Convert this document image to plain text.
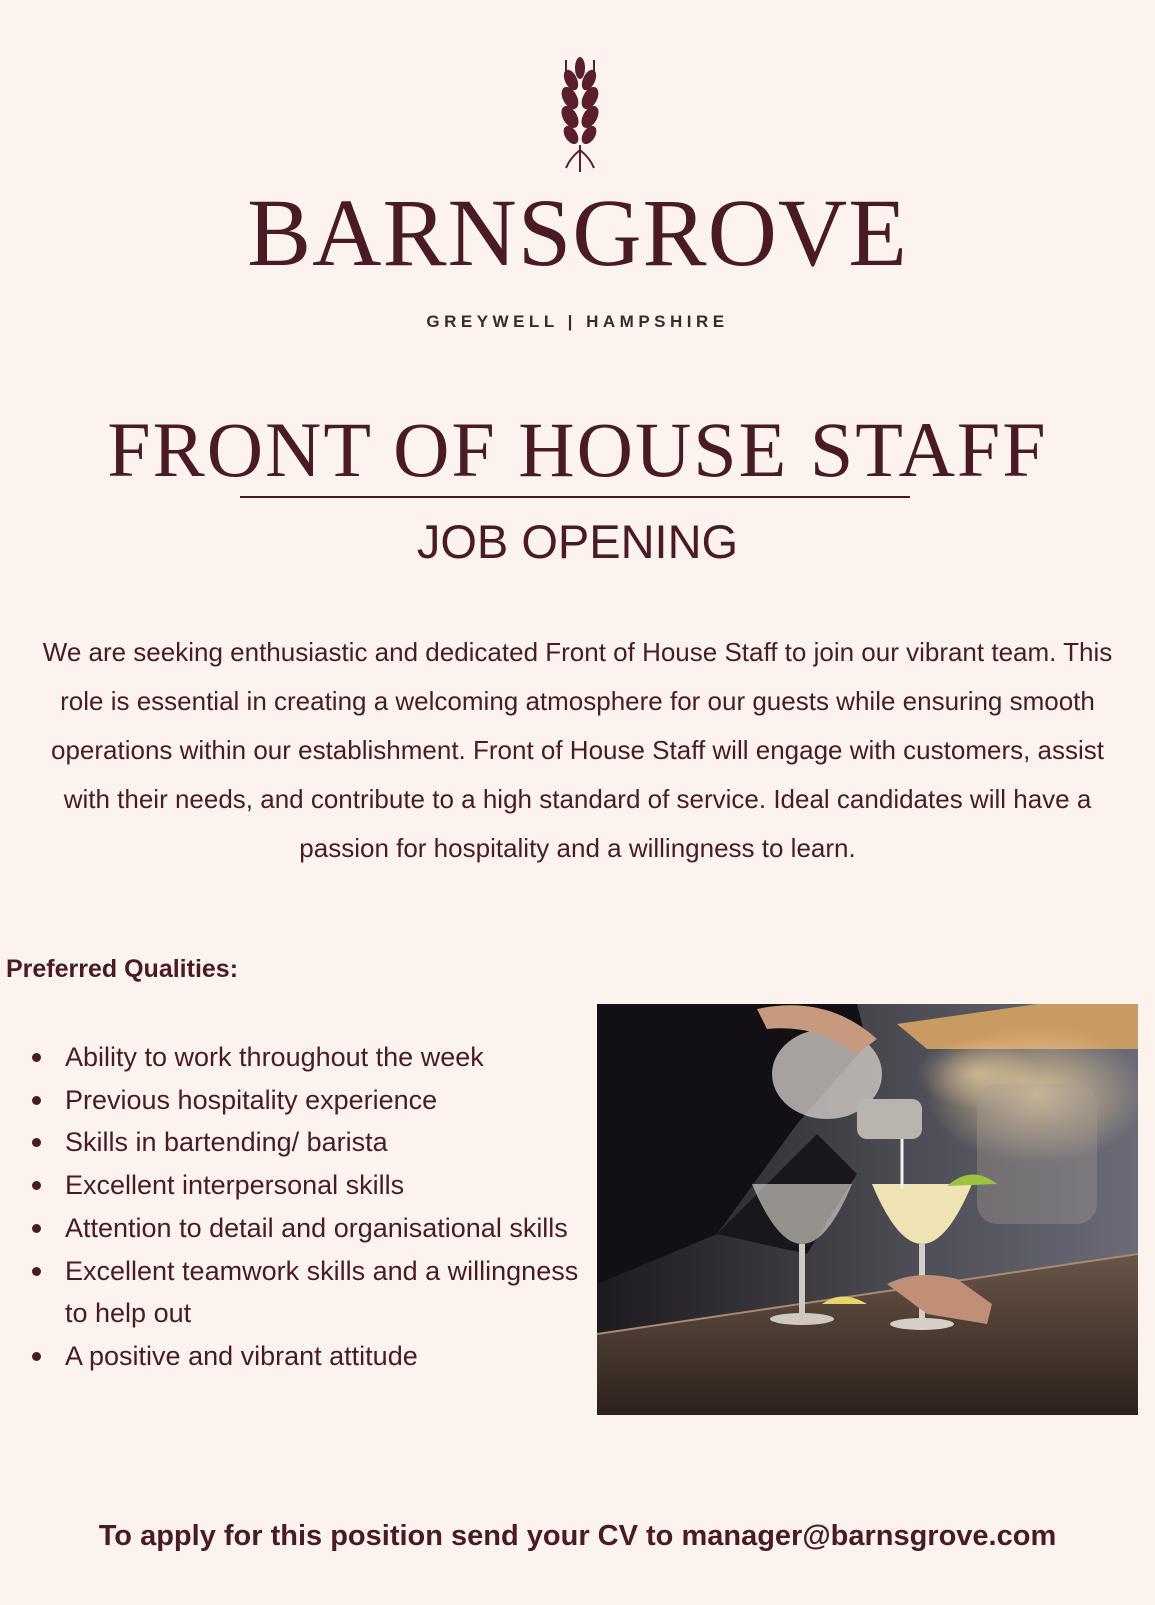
BARNSGROVE
GREYWELL | HAMPSHIRE
FRONT OF HOUSE STAFF
JOB OPENING
We are seeking enthusiastic and dedicated Front of House Staff to join our vibrant team. This role is essential in creating a welcoming atmosphere for our guests while ensuring smooth operations within our establishment. Front of House Staff will engage with customers, assist with their needs, and contribute to a high standard of service. Ideal candidates will have a passion for hospitality and a willingness to learn.
Preferred Qualities:
Ability to work throughout the week
Previous hospitality experience
Skills in bartending/ barista
Excellent interpersonal skills
Attention to detail and organisational skills
Excellent teamwork skills and a willingness to help out
A positive and vibrant attitude
To apply for this position send your CV to manager@barnsgrove.com
